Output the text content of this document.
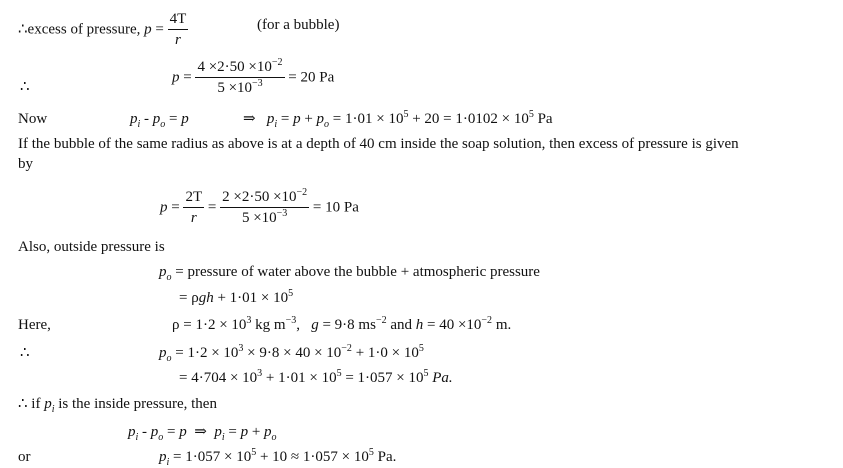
∴excess of pressure, $p = \frac{4T}{r}$	(for a bubble)
∴
$p = \frac{4 \times 2\cdot 50 \times 10^{-2}}{5 \times 10^{-3}} = 20$ Pa
Now	$p_i - p_o = p$	⇒ $p_i = p + p_o = 1\cdot 01 \times 10^5 + 20 = 1\cdot 0102 \times 10^5$ Pa
If the bubble of the same radius as above is at a depth of 40 cm inside the soap solution, then excess of pressure is given
by
$p = \frac{2T}{r} = \frac{2 \times 2\cdot 50 \times 10^{-2}}{5 \times 10^{-3}} = 10$ Pa
Also, outside pressure is
$p_o$ = pressure of water above the bubble + atmospheric pressure
= $\rho gh + 1\cdot 01 \times 10^5$
Here,	$\rho = 1\cdot 2 \times 10^3$ kg $m^{-3}$,   g = 9·8 $ms^{-2}$ and $h = 40 \times 10^{-2}$ m.
∴	$p_o = 1\cdot 2 \times 10^3 \times 9\cdot 8 \times 40 \times 10^{-2} + 1\cdot 0 \times 10^5$
= $4\cdot 704 \times 10^3 + 1\cdot 01 \times 10^5 = 1\cdot 057 \times 10^5$ Pa.
∴ if $p_i$ is the inside pressure, then
$p_i - p_o = p$  ⇒  $p_i = p + p_o$
or	$p_i = 1\cdot 057 \times 10^5 + 10 \approx 1\cdot 057 \times 10^5$ Pa.
